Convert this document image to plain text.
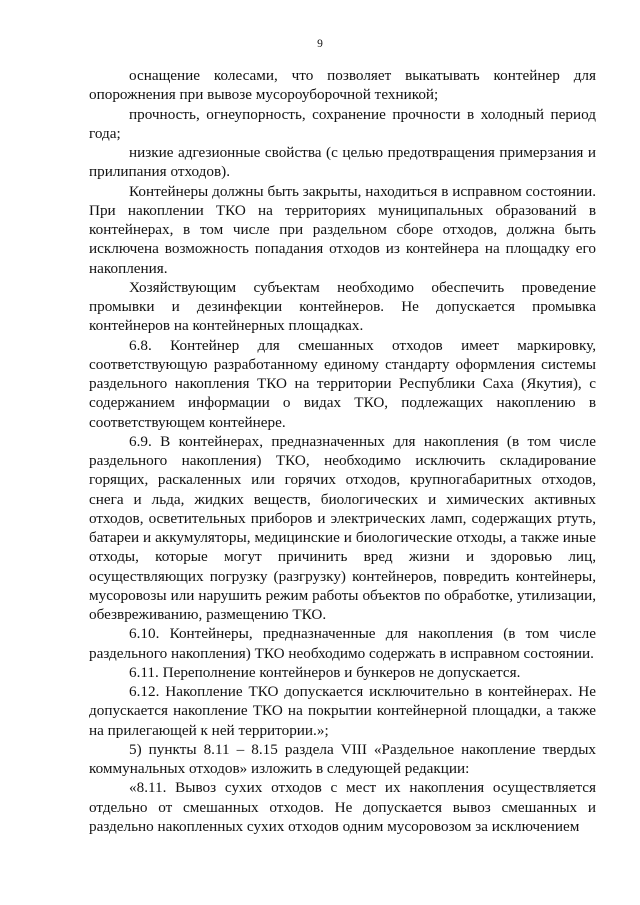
9

оснащение колесами, что позволяет выкатывать контейнер для опорожнения при вывозе мусороуборочной техникой;

прочность, огнеупорность, сохранение прочности в холодный период года;

низкие адгезионные свойства (с целью предотвращения примерзания и прилипания отходов).

Контейнеры должны быть закрыты, находиться в исправном состоянии. При накоплении ТКО на территориях муниципальных образований в контейнерах, в том числе при раздельном сборе отходов, должна быть исключена возможность попадания отходов из контейнера на площадку его накопления.

Хозяйствующим субъектам необходимо обеспечить проведение промывки и дезинфекции контейнеров. Не допускается промывка контейнеров на контейнерных площадках.

6.8. Контейнер для смешанных отходов имеет маркировку, соответствующую разработанному единому стандарту оформления системы раздельного накопления ТКО на территории Республики Саха (Якутия), с содержанием информации о видах ТКО, подлежащих накоплению в соответствующем контейнере.

6.9. В контейнерах, предназначенных для накопления (в том числе раздельного накопления) ТКО, необходимо исключить складирование горящих, раскаленных или горячих отходов, крупногабаритных отходов, снега и льда, жидких веществ, биологических и химических активных отходов, осветительных приборов и электрических ламп, содержащих ртуть, батареи и аккумуляторы, медицинские и биологические отходы, а также иные отходы, которые могут причинить вред жизни и здоровью лиц, осуществляющих погрузку (разгрузку) контейнеров, повредить контейнеры, мусоровозы или нарушить режим работы объектов по обработке, утилизации, обезвреживанию, размещению ТКО.

6.10. Контейнеры, предназначенные для накопления (в том числе раздельного накопления) ТКО необходимо содержать в исправном состоянии.

6.11. Переполнение контейнеров и бункеров не допускается.

6.12. Накопление ТКО допускается исключительно в контейнерах. Не допускается накопление ТКО на покрытии контейнерной площадки, а также на прилегающей к ней территории.»;

5) пункты 8.11 – 8.15 раздела VIII «Раздельное накопление твердых коммунальных отходов» изложить в следующей редакции:

«8.11. Вывоз сухих отходов с мест их накопления осуществляется отдельно от смешанных отходов. Не допускается вывоз смешанных и раздельно накопленных сухих отходов одним мусоровозом за исключением
